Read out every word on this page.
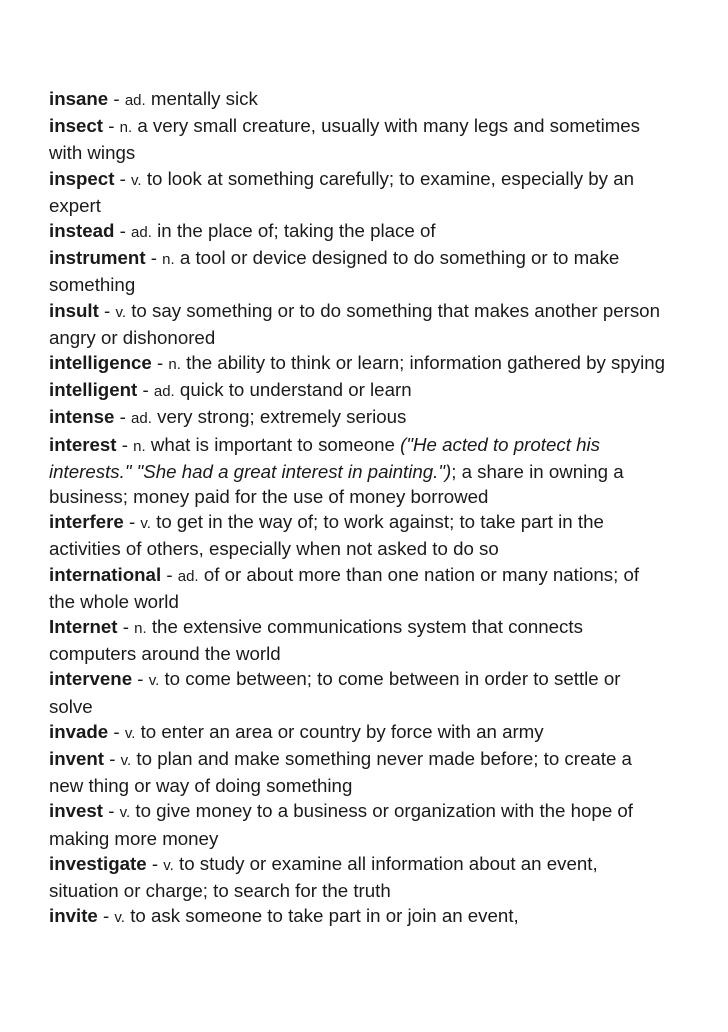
insane - ad. mentally sick

insect - n. a very small creature, usually with many legs and sometimes with wings

inspect - v. to look at something carefully; to examine, especially by an expert

instead - ad. in the place of; taking the place of

instrument - n. a tool or device designed to do something or to make something

insult - v. to say something or to do something that makes another person angry or dishonored

intelligence - n. the ability to think or learn; information gathered by spying

intelligent - ad. quick to understand or learn

intense - ad. very strong; extremely serious

interest - n. what is important to someone ("He acted to protect his interests." "She had a great interest in painting."); a share in owning a business; money paid for the use of money borrowed

interfere - v. to get in the way of; to work against; to take part in the activities of others, especially when not asked to do so

international - ad. of or about more than one nation or many nations; of the whole world

Internet - n. the extensive communications system that connects computers around the world

intervene - v. to come between; to come between in order to settle or solve

invade - v. to enter an area or country by force with an army

invent - v. to plan and make something never made before; to create a new thing or way of doing something

invest - v. to give money to a business or organization with the hope of making more money

investigate - v. to study or examine all information about an event, situation or charge; to search for the truth

invite - v. to ask someone to take part in or join an event,
